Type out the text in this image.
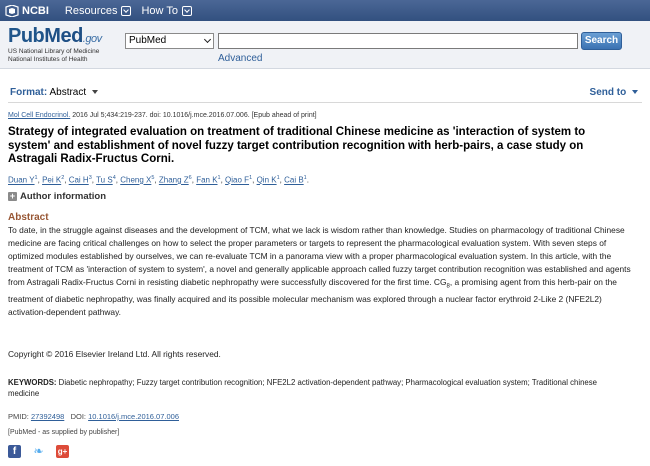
NCBI Resources How To
PubMed.gov
US National Library of Medicine
National Institutes of Health
PubMed	Search
Advanced
Format: Abstract	Send to
Mol Cell Endocrinol. 2016 Jul 5;434:219-237. doi: 10.1016/j.mce.2016.07.006. [Epub ahead of print]
Strategy of integrated evaluation on treatment of traditional Chinese medicine as 'interaction of system to system' and establishment of novel fuzzy target contribution recognition with herb-pairs, a case study on Astragali Radix-Fructus Corni.
Duan $Y^1$, Pei $K^2$, Cai $H^3$, Tu $S^4$, Cheng $X^5$, Zhang $Z^6$, Fan $K^1$, Qiao $F^1$, Qin $K^1$, Cai $B^1$.
+ Author information
Abstract
To date, in the struggle against diseases and the development of TCM, what we lack is wisdom rather than knowledge. Studies on pharmacology of traditional Chinese medicine are facing critical challenges on how to select the proper parameters or targets to represent the pharmacological evaluation system. With seven steps of optimized modules established by ourselves, we can re-evaluate TCM in a panorama view with a proper pharmacological evaluation system. In this article, with the treatment of TCM as 'interaction of system to system', a novel and generally applicable approach called fuzzy target contribution recognition was established and agents from Astragali Radix-Fructus Corni in resisting diabetic nephropathy were successfully discovered for the first time. $CG_8$, a promising agent from this herb-pair on the treatment of diabetic nephropathy, was finally acquired and its possible molecular mechanism was explored through a nuclear factor erythroid 2-Like 2 (NFE2L2) activation-dependent pathway.
Copyright © 2016 Elsevier Ireland Ltd. All rights reserved.
KEYWORDS: Diabetic nephropathy; Fuzzy target contribution recognition; NFE2L2 activation-dependent pathway; Pharmacological evaluation system; Traditional chinese medicine
PMID: 27392498 DOI: 10.1016/j.mce.2016.07.006
[PubMed - as supplied by publisher]
f	❧ g+
